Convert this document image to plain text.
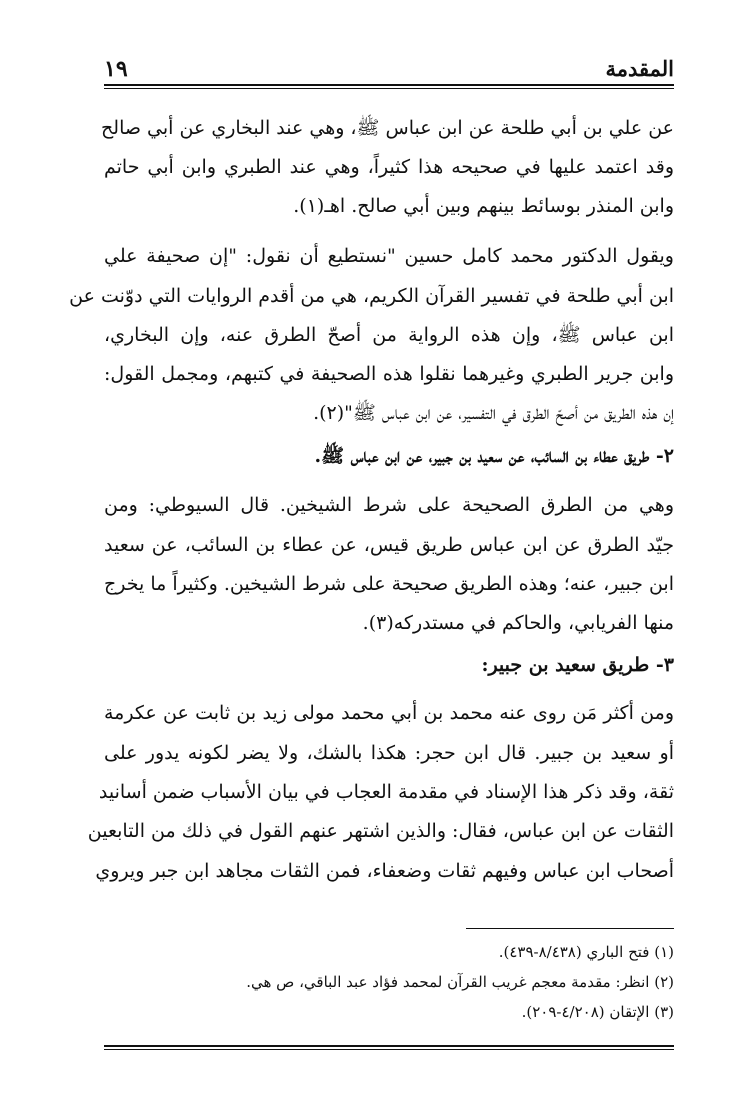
المقدمة
١٩
عن علي بن أبي طلحة عن ابن عباس ﷺ، وهي عند البخاري عن أبي صالح
وقد اعتمد عليها في صحيحه هذا كثيراً، وهي عند الطبري وابن أبي حاتم
وابن المنذر بوسائط بينهم وبين أبي صالح. اهـ(١).
ويقول الدكتور محمد كامل حسين "نستطيع أن نقول: "إن صحيفة علي
ابن أبي طلحة في تفسير القرآن الكريم، هي من أقدم الروايات التي دوّنت عن
ابن عباس ﷺ، وإن هذه الرواية من أصحّ الطرق عنه، وإن البخاري،
وابن جرير الطبري وغيرهما نقلوا هذه الصحيفة في كتبهم، ومجمل القول:
إن هذه الطريق من أصحّ الطرق في التفسير، عن ابن عباس ﷺ"(٢).
٢- طريق عطاء بن السائب، عن سعيد بن جبير، عن ابن عباس ﷺ.
وهي من الطرق الصحيحة على شرط الشيخين. قال السيوطي: ومن
جيّد الطرق عن ابن عباس طريق قيس، عن عطاء بن السائب، عن سعيد
ابن جبير، عنه؛ وهذه الطريق صحيحة على شرط الشيخين. وكثيراً ما يخرج
منها الفريابي، والحاكم في مستدركه(٣).
٣- طريق سعيد بن جبير:
ومن أكثر مَن روى عنه محمد بن أبي محمد مولى زيد بن ثابت عن عكرمة
أو سعيد بن جبير. قال ابن حجر: هكذا بالشك، ولا يضر لكونه يدور على
ثقة، وقد ذكر هذا الإسناد في مقدمة العجاب في بيان الأسباب ضمن أسانيد
الثقات عن ابن عباس، فقال: والذين اشتهر عنهم القول في ذلك من التابعين
أصحاب ابن عباس وفيهم ثقات وضعفاء، فمن الثقات مجاهد ابن جبر ويروي
(١) فتح الباري (٨/٤٣٨-٤٣٩).
(٢) انظر: مقدمة معجم غريب القرآن لمحمد فؤاد عبد الباقي، ص هي.
(٣) الإتقان (٤/٢٠٨-٢٠٩).
